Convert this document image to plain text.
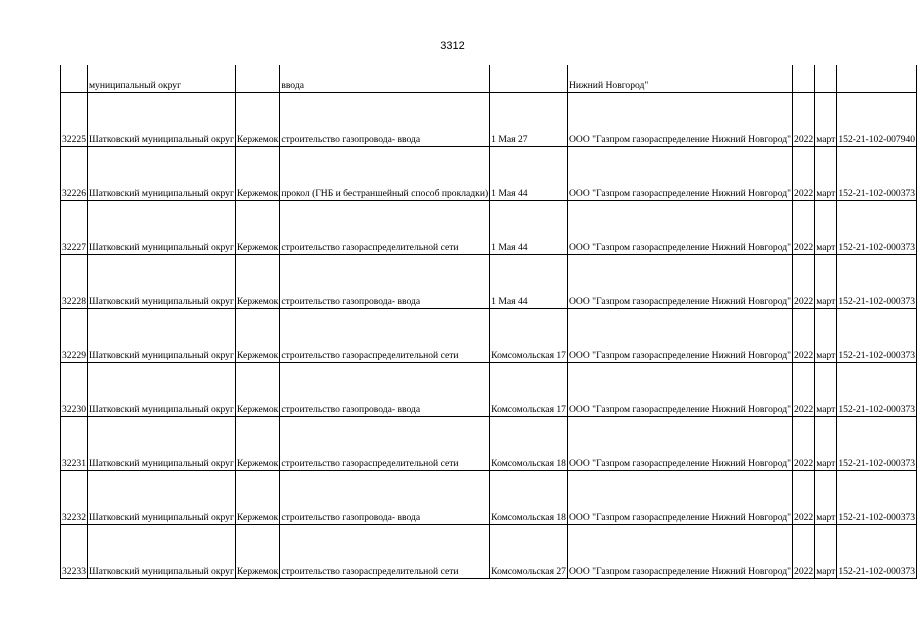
3312
	муниципальный округ		ввода		Нижний Новгород"			
32225	Шатковский муниципальный округ	Кержемок	строительство газопровода- ввода	1 Мая 27	ООО "Газпром газораспределение Нижний Новгород"	2022	март	152-21-102-007940
32226	Шатковский муниципальный округ	Кержемок	прокол (ГНБ и бестраншейный способ прокладки)	1 Мая 44	ООО "Газпром газораспределение Нижний Новгород"	2022	март	152-21-102-000373
32227	Шатковский муниципальный округ	Кержемок	строительство газораспределительной сети	1 Мая 44	ООО "Газпром газораспределение Нижний Новгород"	2022	март	152-21-102-000373
32228	Шатковский муниципальный округ	Кержемок	строительство газопровода- ввода	1 Мая 44	ООО "Газпром газораспределение Нижний Новгород"	2022	март	152-21-102-000373
32229	Шатковский муниципальный округ	Кержемок	строительство газораспределительной сети	Комсомольская 17	ООО "Газпром газораспределение Нижний Новгород"	2022	март	152-21-102-000373
32230	Шатковский муниципальный округ	Кержемок	строительство газопровода- ввода	Комсомольская 17	ООО "Газпром газораспределение Нижний Новгород"	2022	март	152-21-102-000373
32231	Шатковский муниципальный округ	Кержемок	строительство газораспределительной сети	Комсомольская 18	ООО "Газпром газораспределение Нижний Новгород"	2022	март	152-21-102-000373
32232	Шатковский муниципальный округ	Кержемок	строительство газопровода- ввода	Комсомольская 18	ООО "Газпром газораспределение Нижний Новгород"	2022	март	152-21-102-000373
32233	Шатковский муниципальный округ	Кержемок	строительство газораспределительной сети	Комсомольская 27	ООО "Газпром газораспределение Нижний Новгород"	2022	март	152-21-102-000373
